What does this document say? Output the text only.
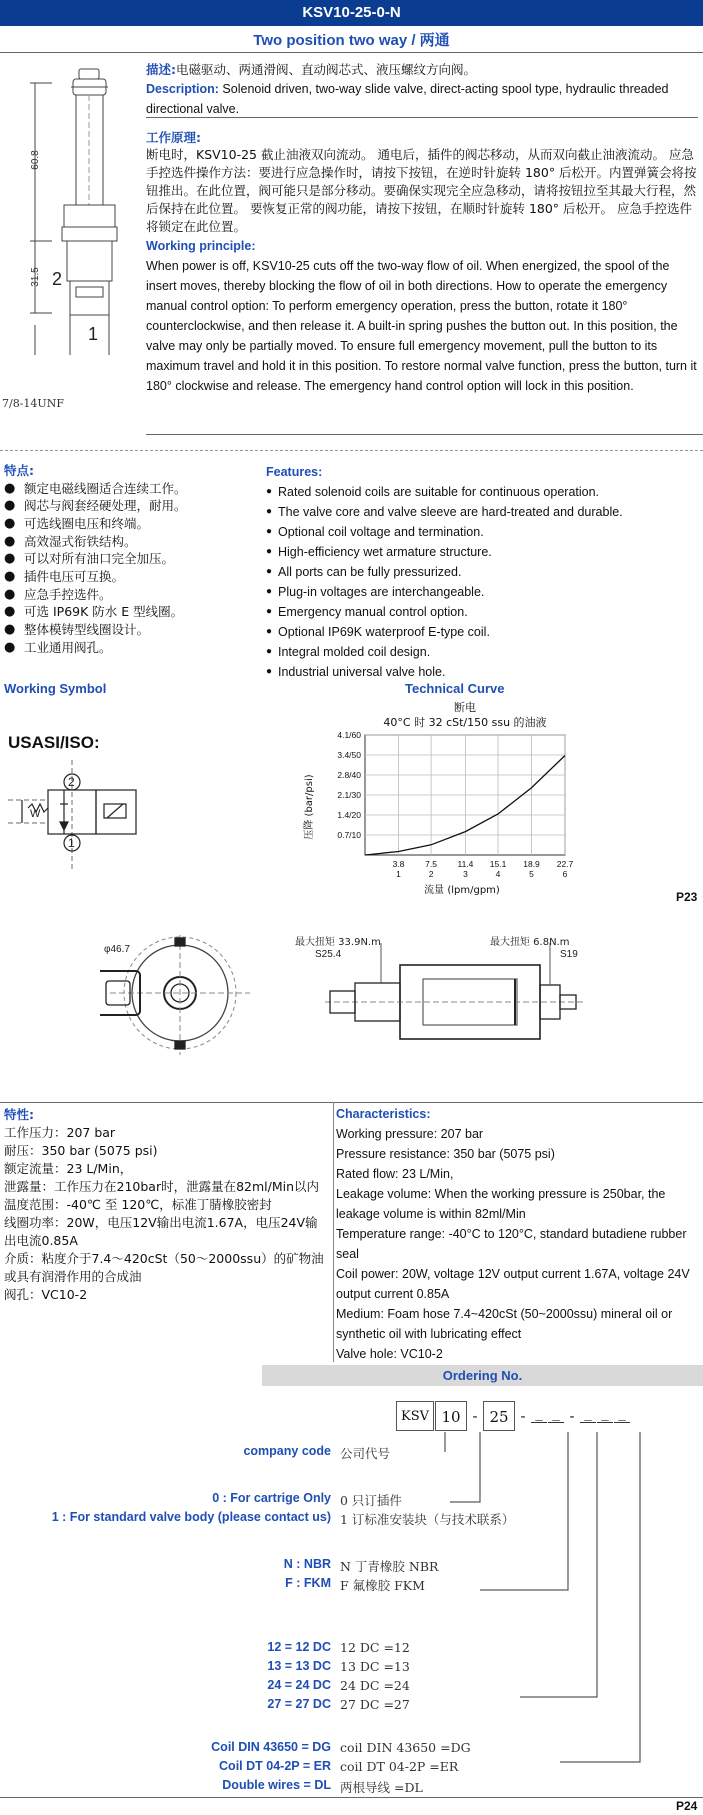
KSV10-25-0-N
Two position two way / 两通
60.8
31.5 2
1
7/8-14UNF
描述:电磁驱动、两通滑阀、直动阀芯式、液压螺纹方向阀。
Description: Solenoid driven, two-way slide valve, direct-acting spool type, hydraulic threaded directional valve.
工作原理:
断电时，KSV10-25 截止油液双向流动。 通电后，插件的阀芯移动，从而双向截止油液流动。 应急手控选件操作方法：要进行应急操作时，请按下按钮，在逆时针旋转 180° 后松开。内置弹簧会将按钮推出。在此位置，阀可能只是部分移动。要确保实现完全应急移动，请将按钮拉至其最大行程，然后保持在此位置。 要恢复正常的阀功能，请按下按钮，在顺时针旋转 180° 后松开。 应急手控选件将锁定在此位置。
Working principle:
When power is off, KSV10-25 cuts off the two-way flow of oil. When energized, the spool of the insert moves, thereby blocking the flow of oil in both directions. How to operate the emergency manual control option: To perform emergency operation, press the button, rotate it 180° counterclockwise, and then release it. A built-in spring pushes the button out. In this position, the valve may only be partially moved. To ensure full emergency movement, pull the button to its maximum travel and hold it in this position. To restore normal valve function, press the button, turn it 180° clockwise and release. The emergency hand control option will lock in this position.
特点:
● 额定电磁线圈适合连续工作。
● 阀芯与阀套经硬处理，耐用。
● 可选线圈电压和终端。
● 高效湿式衔铁结构。
● 可以对所有油口完全加压。
● 插件电压可互换。
● 应急手控选件。
● 可选 IP69K 防水 E 型线圈。
● 整体模铸型线圈设计。
● 工业通用阀孔。
Features:
● Rated solenoid coils are suitable for continuous operation.
● The valve core and valve sleeve are hard-treated and durable.
● Optional coil voltage and termination.
● High-efficiency wet armature structure.
● All ports can be fully pressurized.
● Plug-in voltages are interchangeable.
● Emergency manual control option.
● Optional IP69K waterproof E-type coil.
● Integral molded coil design.
● Industrial universal valve hole.
Working Symbol
USASI/ISO:
2
1
W
Technical Curve
断电
40°C 时 32 cSt/150 ssu 的油液
0.7/10
1.4/20
2.1/30
2.8/40
3.4/50
4.1/60
3.8
1
7.5
2
11.4
3
15.1
4
18.9
5
22.7
6
压降 (bar/psi)
流量 (lpm/gpm)	P23
φ46.7
最大扭矩 33.9N.m
S25.4
最大扭矩 6.8N.m
S19
特性:
工作压力：207 bar
耐压：350 bar (5075 psi)
额定流量：23 L/Min，
泄露量：工作压力在210bar时，泄露量在82ml/Min以内
温度范围：-40℃ 至 120℃，标准丁腈橡胶密封
线圈功率：20W，电压12V输出电流1.67A，电压24V输出电流0.85A
介质：粘度介于7.4～420cSt（50～2000ssu）的矿物油或具有润滑作用的合成油
阀孔：VC10-2
Characteristics:
Working pressure: 207 bar
Pressure resistance: 350 bar (5075 psi)
Rated flow: 23 L/Min,
Leakage volume: When the working pressure is 250bar, the leakage volume is within 82ml/Min
Temperature range: -40°C to 120°C, standard butadiene rubber seal
Coil power: 20W, voltage 12V output current 1.67A, voltage 24V output current 0.85A
Medium: Foam hose 7.4~420cSt (50~2000ssu) mineral oil or synthetic oil with lubricating effect
Valve hole: VC10-2
Ordering No.
KSV 10 - 25 - _ _ - _ _ _
company code 公司代号
0 : For cartrige Only
1 : For standard valve body (please contact us)
0 只订插件
1 订标准安装块（与技术联系）
N : NBR
F : FKM
N 丁青橡胶 NBR
F 氟橡胶 FKM
12 = 12 DC
13 = 13 DC
24 = 24 DC
27 = 27 DC
12 DC =12
13 DC =13
24 DC =24
27 DC =27
Coil DIN 43650 = DG
Coil DT 04-2P = ER
Double wires = DL
coil DIN 43650 =DG
coil DT 04-2P =ER
两根导线 =DL
P24
